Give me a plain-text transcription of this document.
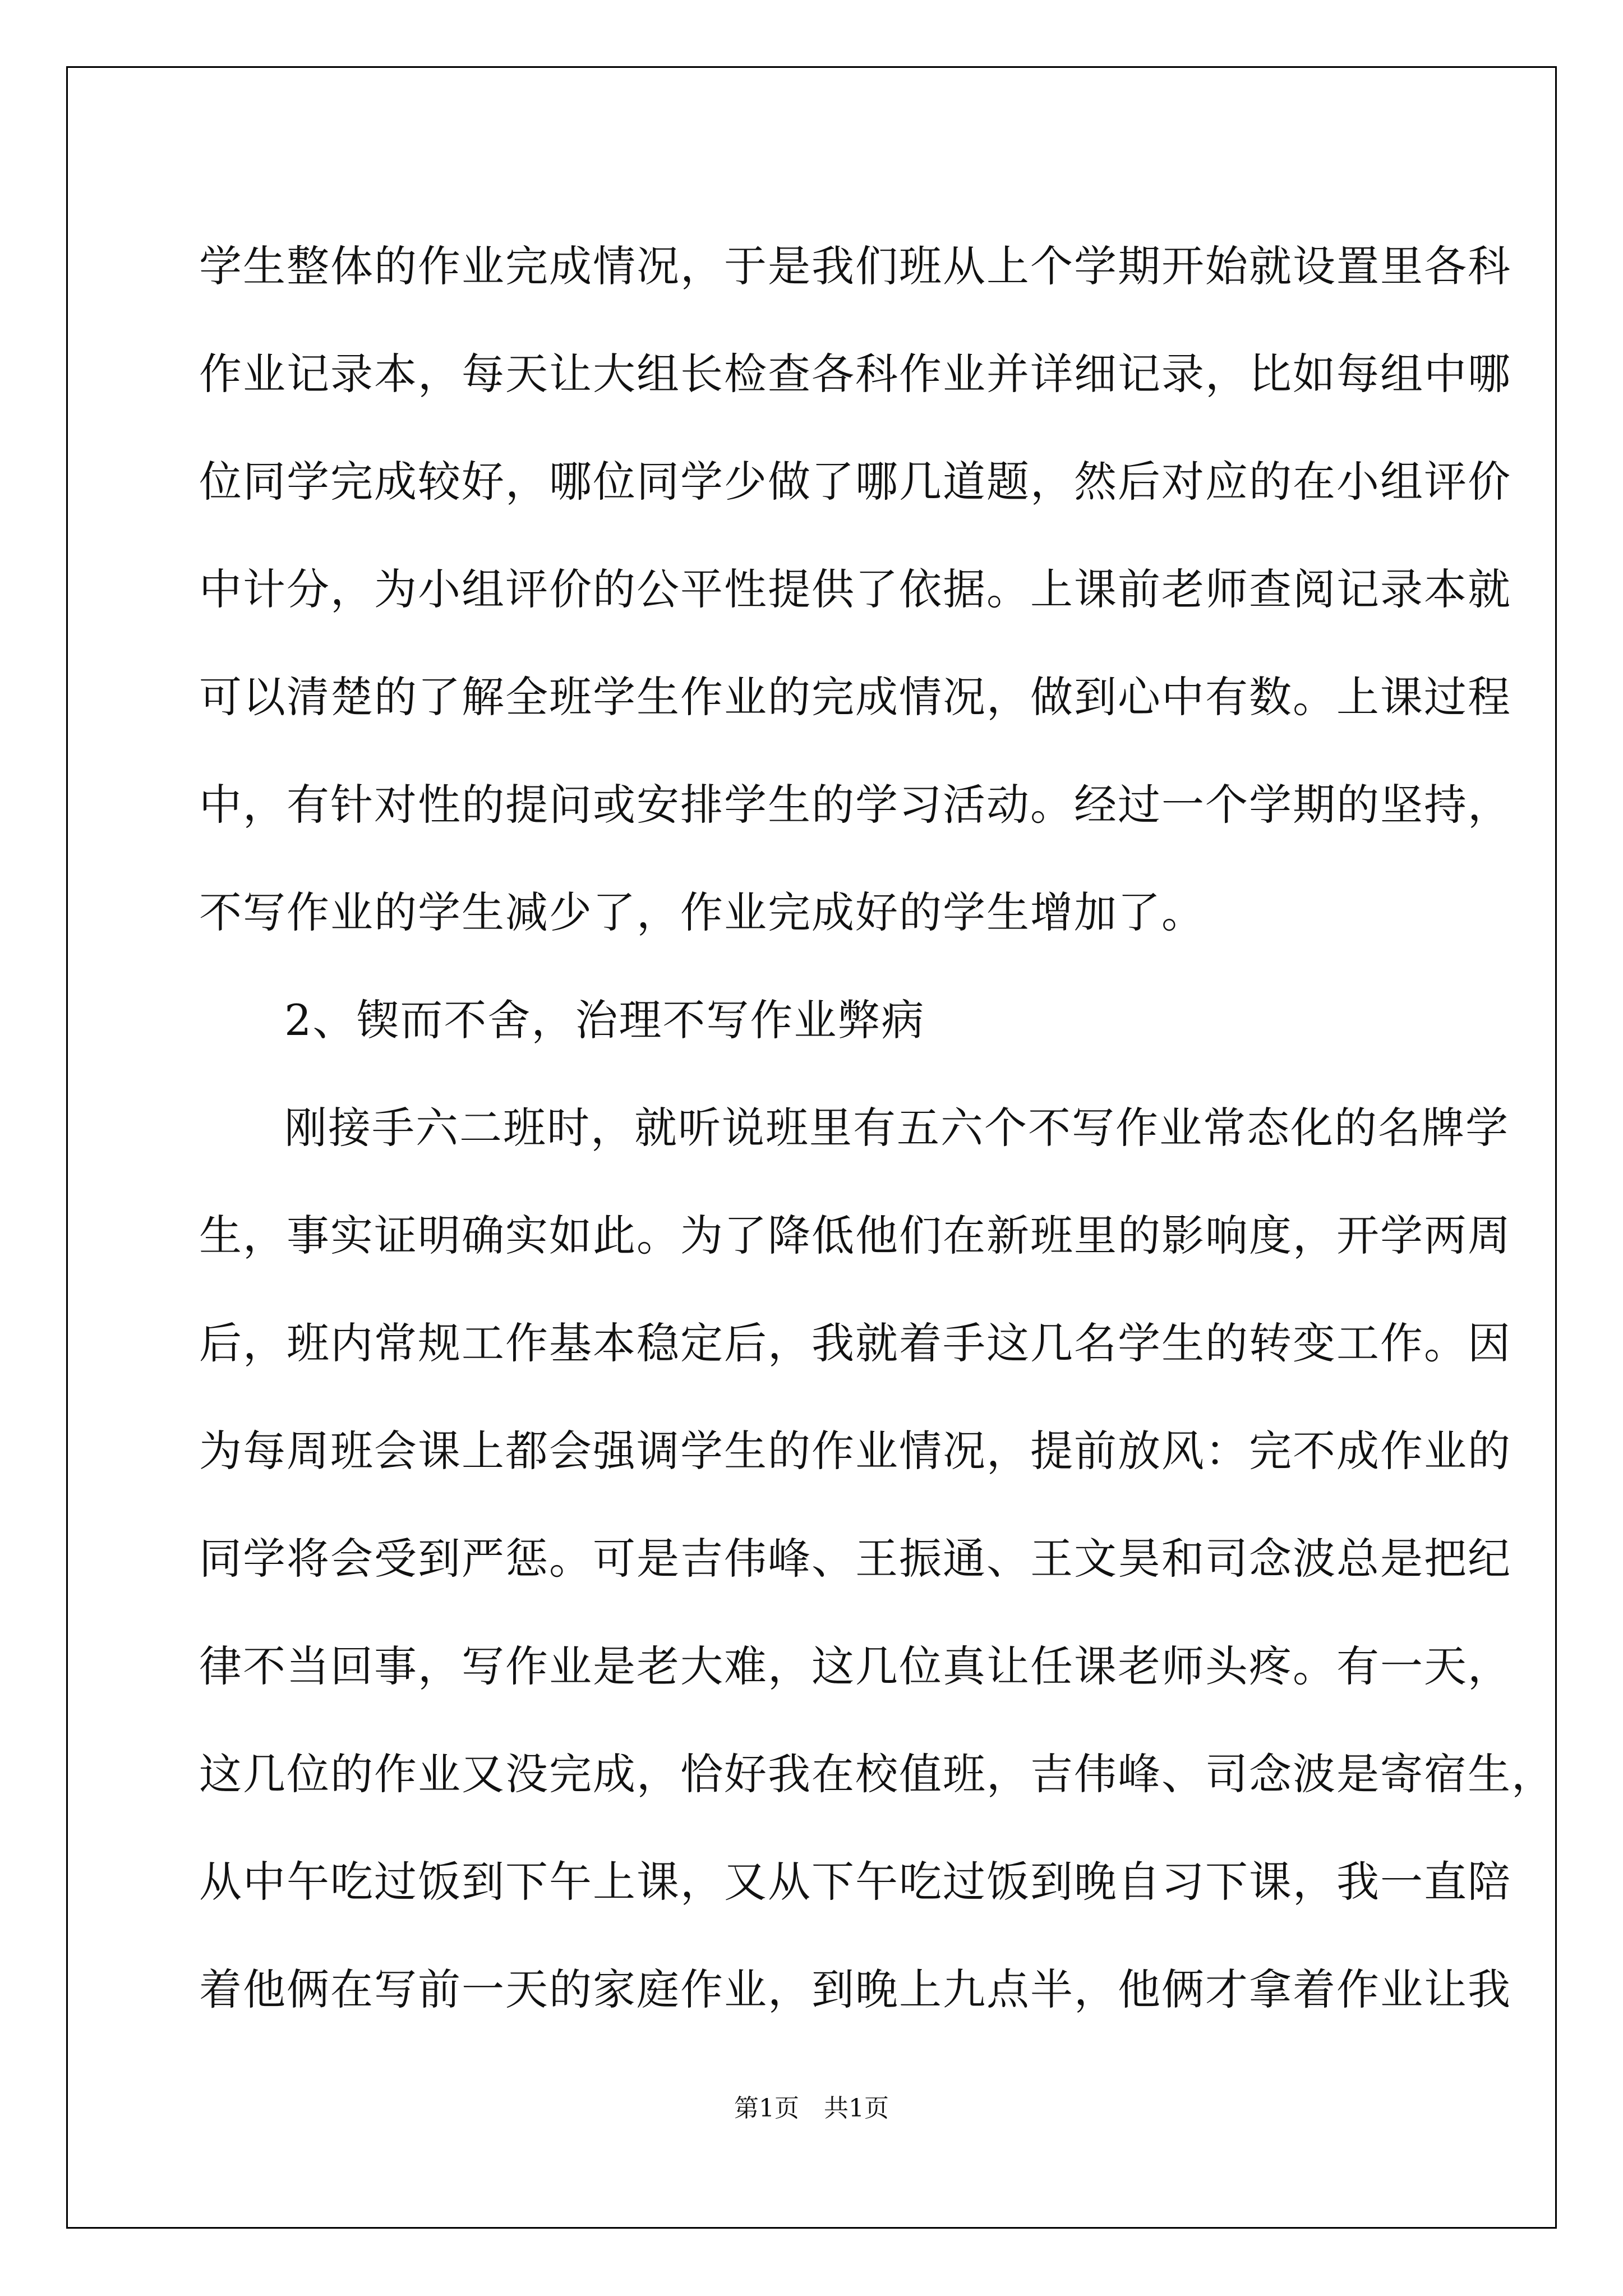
学生整体的作业完成情况，于是我们班从上个学期开始就设置里各科
作业记录本，每天让大组长检查各科作业并详细记录，比如每组中哪
位同学完成较好，哪位同学少做了哪几道题，然后对应的在小组评价
中计分，为小组评价的公平性提供了依据。上课前老师查阅记录本就
可以清楚的了解全班学生作业的完成情况，做到心中有数。上课过程
中，有针对性的提问或安排学生的学习活动。经过一个学期的坚持，
不写作业的学生减少了，作业完成好的学生增加了。
2、锲而不舍，治理不写作业弊病
刚接手六二班时，就听说班里有五六个不写作业常态化的名牌学
生，事实证明确实如此。为了降低他们在新班里的影响度，开学两周
后，班内常规工作基本稳定后，我就着手这几名学生的转变工作。因
为每周班会课上都会强调学生的作业情况，提前放风：完不成作业的
同学将会受到严惩。可是吉伟峰、王振通、王文昊和司念波总是把纪
律不当回事，写作业是老大难，这几位真让任课老师头疼。有一天，
这几位的作业又没完成，恰好我在校值班，吉伟峰、司念波是寄宿生，
从中午吃过饭到下午上课，又从下午吃过饭到晚自习下课，我一直陪
着他俩在写前一天的家庭作业，到晚上九点半，他俩才拿着作业让我
第1页 共1页
